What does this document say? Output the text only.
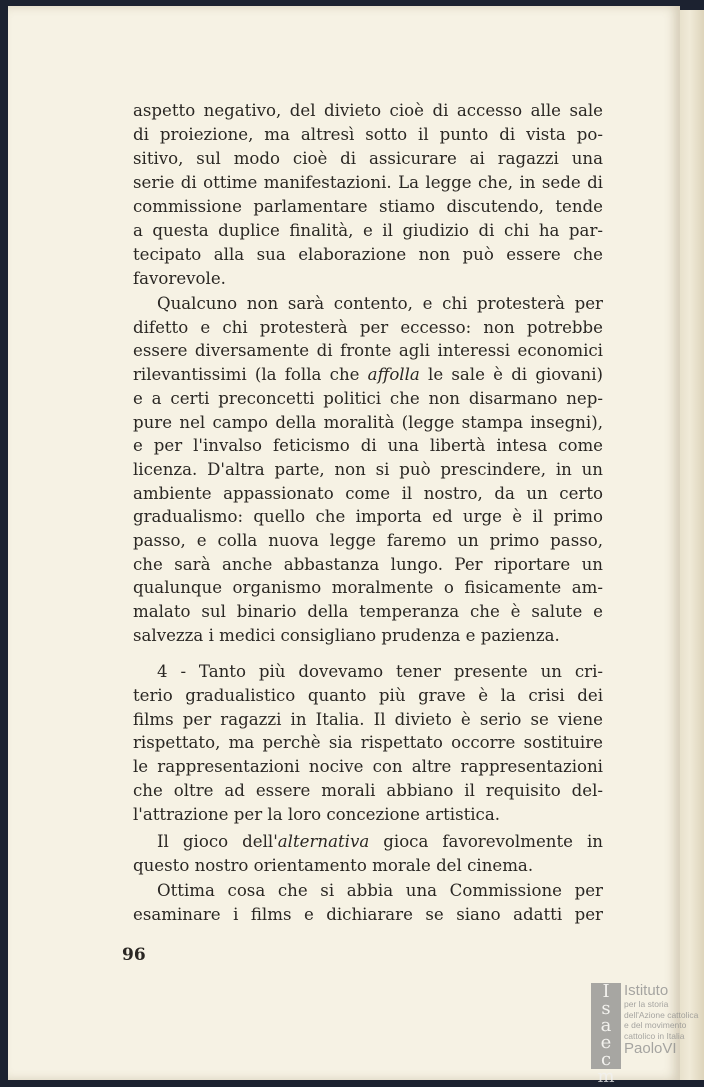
aspetto negativo, del divieto cioè di accesso alle sale
di proiezione, ma altresì sotto il punto di vista po-
sitivo, sul modo cioè di assicurare ai ragazzi una
serie di ottime manifestazioni. La legge che, in sede di
commissione parlamentare stiamo discutendo, tende
a questa duplice finalità, e il giudizio di chi ha par-
tecipato alla sua elaborazione non può essere che
favorevole.
Qualcuno non sarà contento, e chi protesterà per
difetto e chi protesterà per eccesso: non potrebbe
essere diversamente di fronte agli interessi economici
rilevantissimi (la folla che affolla le sale è di giovani)
e a certi preconcetti politici che non disarmano nep-
pure nel campo della moralità (legge stampa insegni),
e per l'invalso feticismo di una libertà intesa come
licenza. D'altra parte, non si può prescindere, in un
ambiente appassionato come il nostro, da un certo
gradualismo: quello che importa ed urge è il primo
passo, e colla nuova legge faremo un primo passo,
che sarà anche abbastanza lungo. Per riportare un
qualunque organismo moralmente o fisicamente am-
malato sul binario della temperanza che è salute e
salvezza i medici consigliano prudenza e pazienza.
4 - Tanto più dovevamo tener presente un cri-
terio gradualistico quanto più grave è la crisi dei
films per ragazzi in Italia. Il divieto è serio se viene
rispettato, ma perchè sia rispettato occorre sostituire
le rappresentazioni nocive con altre rappresentazioni
che oltre ad essere morali abbiano il requisito del-
l'attrazione per la loro concezione artistica.
Il gioco dell'alternativa gioca favorevolmente in
questo nostro orientamento morale del cinema.
Ottima cosa che si abbia una Commissione per
esaminare i films e dichiarare se siano adatti per
96
I
s
a
e
c
m
Istituto
per la storia
dell'Azione cattolica
e del movimento
cattolico in Italia
PaoloVI
